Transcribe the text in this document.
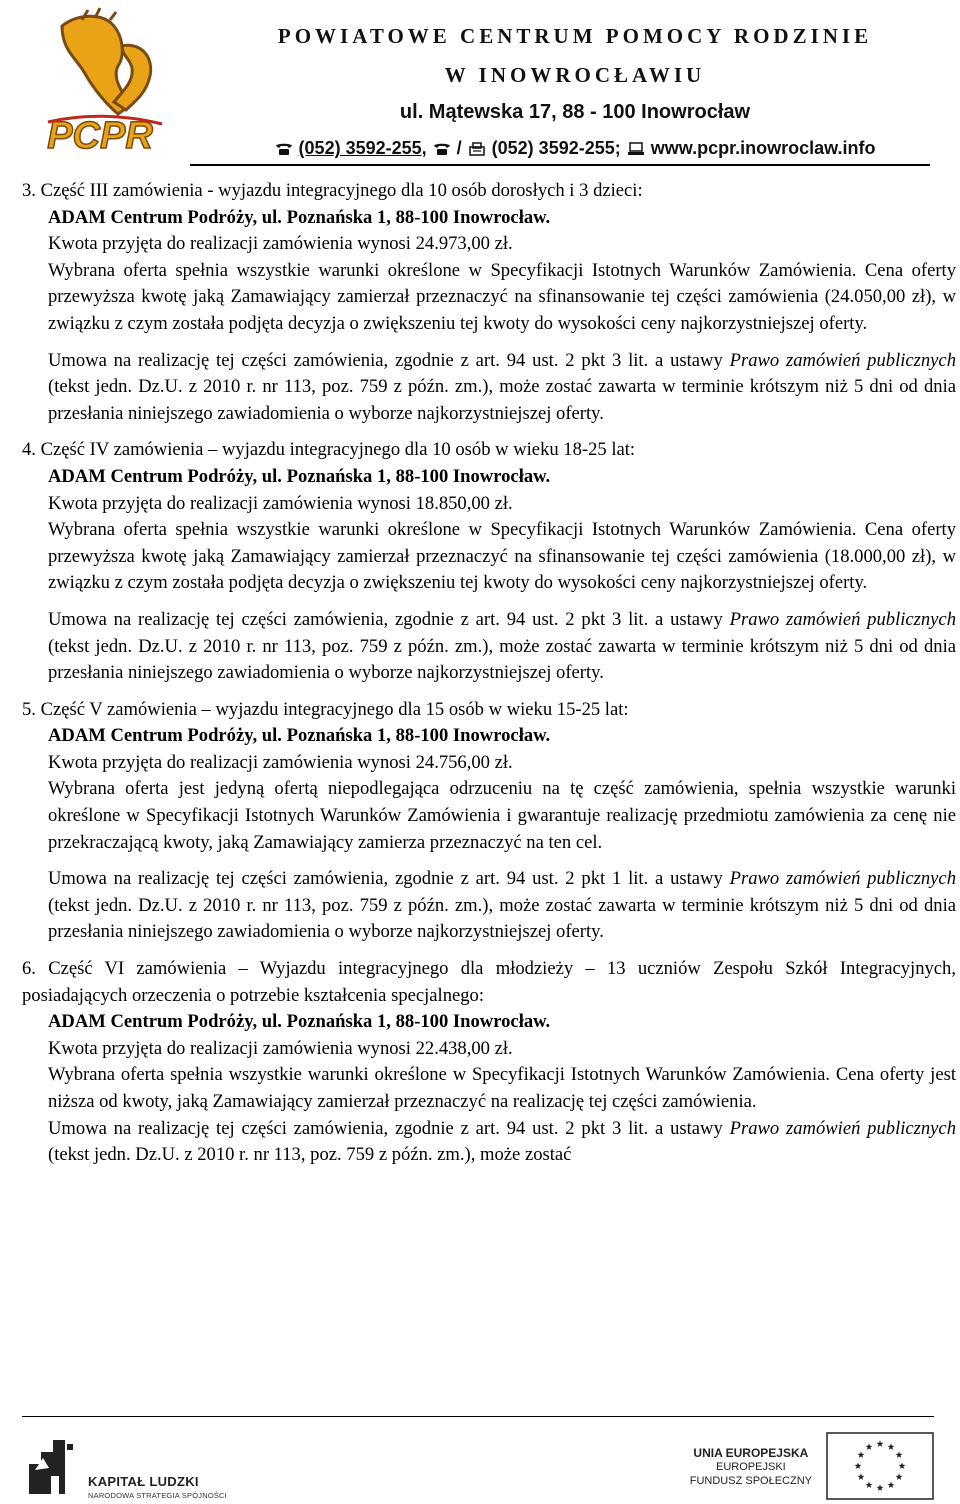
PCPR
POWIATOWE CENTRUM POMOCY RODZINIE
W INOWROCŁAWIU
ul. Mątewska 17, 88 - 100 Inowrocław
(052) 3592-255, / (052) 3592-255; www.pcpr.inowroclaw.info

3. Część III zamówienia - wyjazdu integracyjnego dla 10 osób dorosłych i 3 dzieci:

ADAM Centrum Podróży, ul. Poznańska 1, 88-100 Inowrocław.

Kwota przyjęta do realizacji zamówienia wynosi 24.973,00 zł.

Wybrana oferta spełnia wszystkie warunki określone w Specyfikacji Istotnych Warunków Zamówienia. Cena oferty przewyższa kwotę jaką Zamawiający zamierzał przeznaczyć na sfinansowanie tej części zamówienia (24.050,00 zł), w związku z czym została podjęta decyzja o zwiększeniu tej kwoty do wysokości ceny najkorzystniejszej oferty.

Umowa na realizację tej części zamówienia, zgodnie z art. 94 ust. 2 pkt 3 lit. a ustawy Prawo zamówień publicznych (tekst jedn. Dz.U. z 2010 r. nr 113, poz. 759 z późn. zm.), może zostać zawarta w terminie krótszym niż 5 dni od dnia przesłania niniejszego zawiadomienia o wyborze najkorzystniejszej oferty.

4. Część IV zamówienia – wyjazdu integracyjnego dla 10 osób w wieku 18-25 lat:

ADAM Centrum Podróży, ul. Poznańska 1, 88-100 Inowrocław.

Kwota przyjęta do realizacji zamówienia wynosi 18.850,00 zł.

Wybrana oferta spełnia wszystkie warunki określone w Specyfikacji Istotnych Warunków Zamówienia. Cena oferty przewyższa kwotę jaką Zamawiający zamierzał przeznaczyć na sfinansowanie tej części zamówienia (18.000,00 zł), w związku z czym została podjęta decyzja o zwiększeniu tej kwoty do wysokości ceny najkorzystniejszej oferty.

Umowa na realizację tej części zamówienia, zgodnie z art. 94 ust. 2 pkt 3 lit. a ustawy Prawo zamówień publicznych (tekst jedn. Dz.U. z 2010 r. nr 113, poz. 759 z późn. zm.), może zostać zawarta w terminie krótszym niż 5 dni od dnia przesłania niniejszego zawiadomienia o wyborze najkorzystniejszej oferty.

5. Część V zamówienia – wyjazdu integracyjnego dla 15 osób w wieku 15-25 lat:

ADAM Centrum Podróży, ul. Poznańska 1, 88-100 Inowrocław.

Kwota przyjęta do realizacji zamówienia wynosi 24.756,00 zł.

Wybrana oferta jest jedyną ofertą niepodlegająca odrzuceniu na tę część zamówienia, spełnia wszystkie warunki określone w Specyfikacji Istotnych Warunków Zamówienia i gwarantuje realizację przedmiotu zamówienia za cenę nie przekraczającą kwoty, jaką Zamawiający zamierza przeznaczyć na ten cel.

Umowa na realizację tej części zamówienia, zgodnie z art. 94 ust. 2 pkt 1 lit. a ustawy Prawo zamówień publicznych (tekst jedn. Dz.U. z 2010 r. nr 113, poz. 759 z późn. zm.), może zostać zawarta w terminie krótszym niż 5 dni od dnia przesłania niniejszego zawiadomienia o wyborze najkorzystniejszej oferty.

6. Część VI zamówienia – Wyjazdu integracyjnego dla młodzieży – 13 uczniów Zespołu Szkół Integracyjnych, posiadających orzeczenia o potrzebie kształcenia specjalnego:

ADAM Centrum Podróży, ul. Poznańska 1, 88-100 Inowrocław.

Kwota przyjęta do realizacji zamówienia wynosi 22.438,00 zł.

Wybrana oferta spełnia wszystkie warunki określone w Specyfikacji Istotnych Warunków Zamówienia. Cena oferty jest niższa od kwoty, jaką Zamawiający zamierzał przeznaczyć na realizację tej części zamówienia.

Umowa na realizację tej części zamówienia, zgodnie z art. 94 ust. 2 pkt 3 lit. a ustawy Prawo zamówień publicznych (tekst jedn. Dz.U. z 2010 r. nr 113, poz. 759 z późn. zm.), może zostać

KAPITAŁ LUDZKI
NARODOWA STRATEGIA SPÓJNOŚCI
UNIA EUROPEJSKA
EUROPEJSKI
FUNDUSZ SPOŁECZNY
